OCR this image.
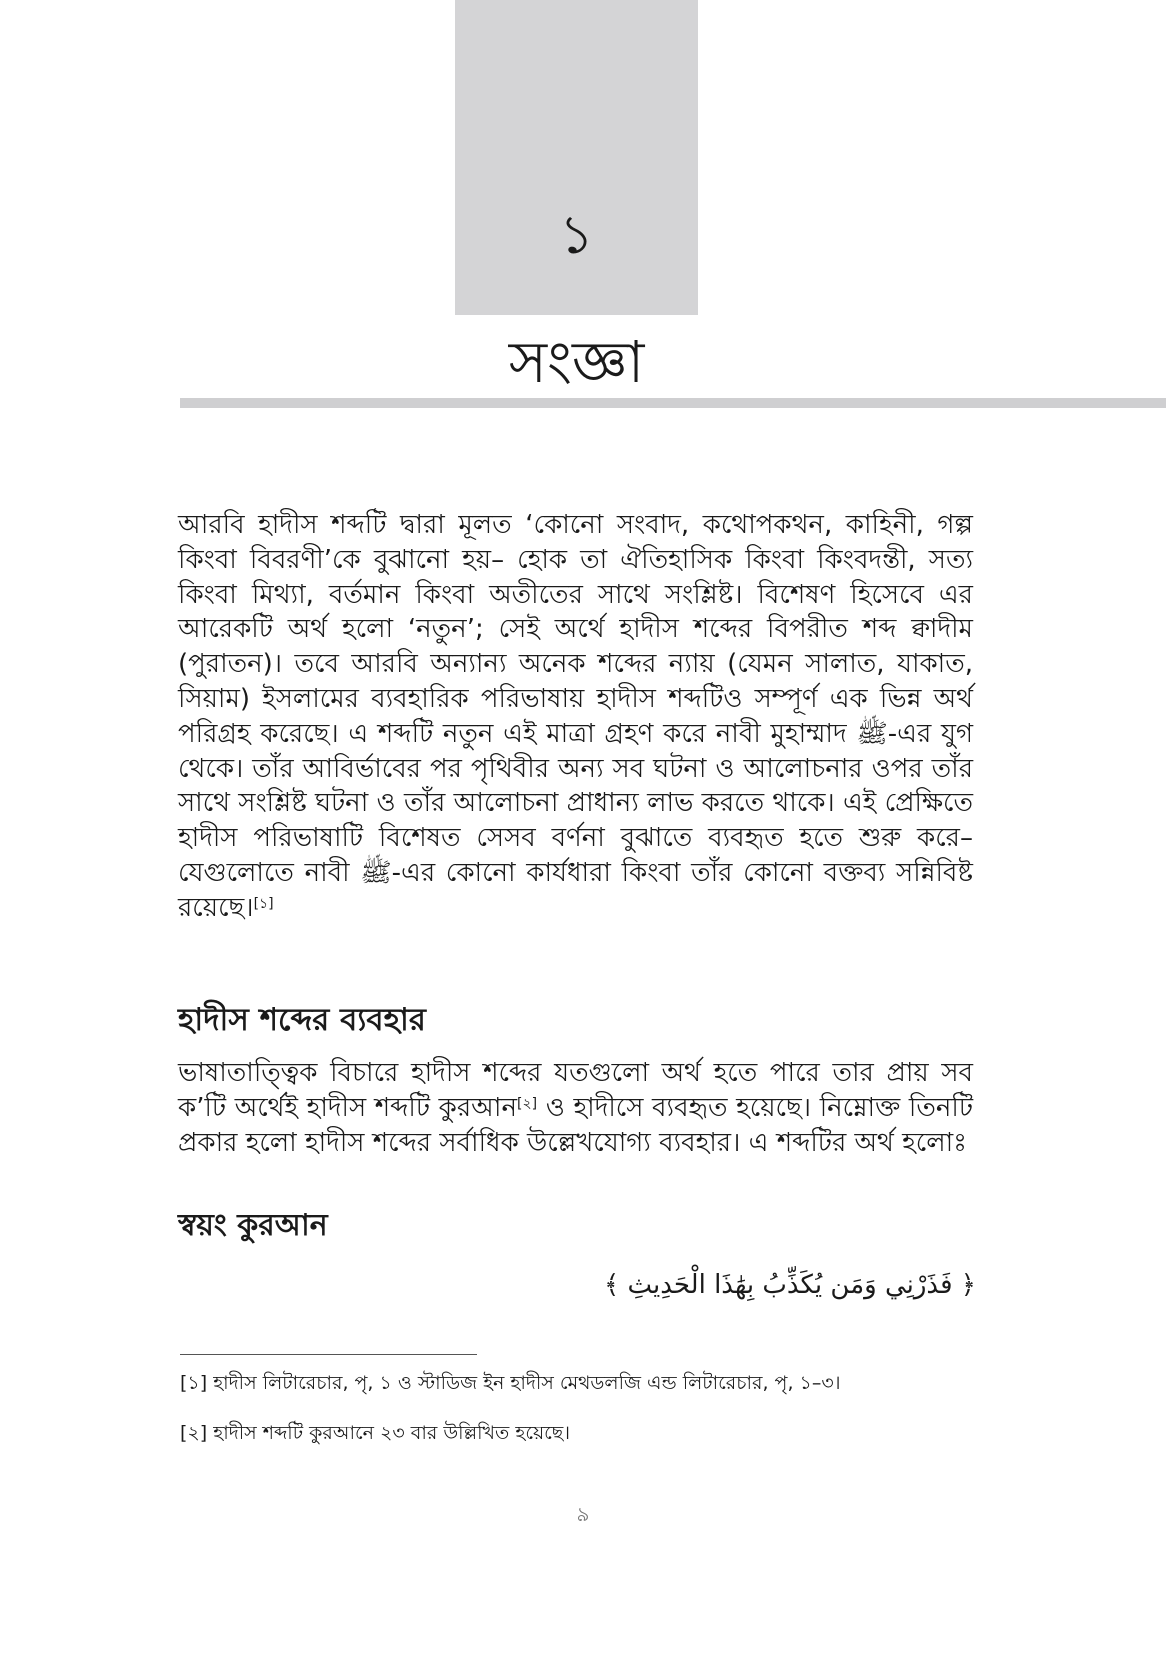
১
সংজ্ঞা

আরবি হাদীস শব্দটি দ্বারা মূলত ‘কোনো সংবাদ, কথোপকথন, কাহিনী, গল্প কিংবা বিবরণী’কে বুঝানো হয়– হোক তা ঐতিহাসিক কিংবা কিংবদন্তী, সত্য কিংবা মিথ্যা, বর্তমান কিংবা অতীতের সাথে সংশ্লিষ্ট। বিশেষণ হিসেবে এর আরেকটি অর্থ হলো ‘নতুন’; সেই অর্থে হাদীস শব্দের বিপরীত শব্দ ক্বাদীম (পুরাতন)। তবে আরবি অন্যান্য অনেক শব্দের ন্যায় (যেমন সালাত, যাকাত, সিয়াম) ইসলামের ব্যবহারিক পরিভাষায় হাদীস শব্দটিও সম্পূর্ণ এক ভিন্ন অর্থ পরিগ্রহ করেছে। এ শব্দটি নতুন এই মাত্রা গ্রহণ করে নাবী মুহাম্মাদ ﷺ-এর যুগ থেকে। তাঁর আবির্ভাবের পর পৃথিবীর অন্য সব ঘটনা ও আলোচনার ওপর তাঁর সাথে সংশ্লিষ্ট ঘটনা ও তাঁর আলোচনা প্রাধান্য লাভ করতে থাকে। এই প্রেক্ষিতে হাদীস পরিভাষাটি বিশেষত সেসব বর্ণনা বুঝাতে ব্যবহৃত হতে শুরু করে– যেগুলোতে নাবী ﷺ-এর কোনো কার্যধারা কিংবা তাঁর কোনো বক্তব্য সন্নিবিষ্ট রয়েছে।[১]

হাদীস শব্দের ব্যবহার

ভাষাতাত্ত্বিক বিচারে হাদীস শব্দের যতগুলো অর্থ হতে পারে তার প্রায় সব ক’টি অর্থেই হাদীস শব্দটি কুরআন[২] ও হাদীসে ব্যবহৃত হয়েছে। নিম্নোক্ত তিনটি প্রকার হলো হাদীস শব্দের সর্বাধিক উল্লেখযোগ্য ব্যবহার। এ শব্দটির অর্থ হলোঃ

স্বয়ং কুরআন
﴿ فَذَرْنِي وَمَن يُكَذِّبُ بِهَٰذَا الْحَدِيثِ ﴾

[১] হাদীস লিটারেচার, পৃ, ১ ও স্টাডিজ ইন হাদীস মেথডলজি এন্ড লিটারেচার, পৃ, ১–৩।

[২] হাদীস শব্দটি কুরআনে ২৩ বার উল্লিখিত হয়েছে।

৯
